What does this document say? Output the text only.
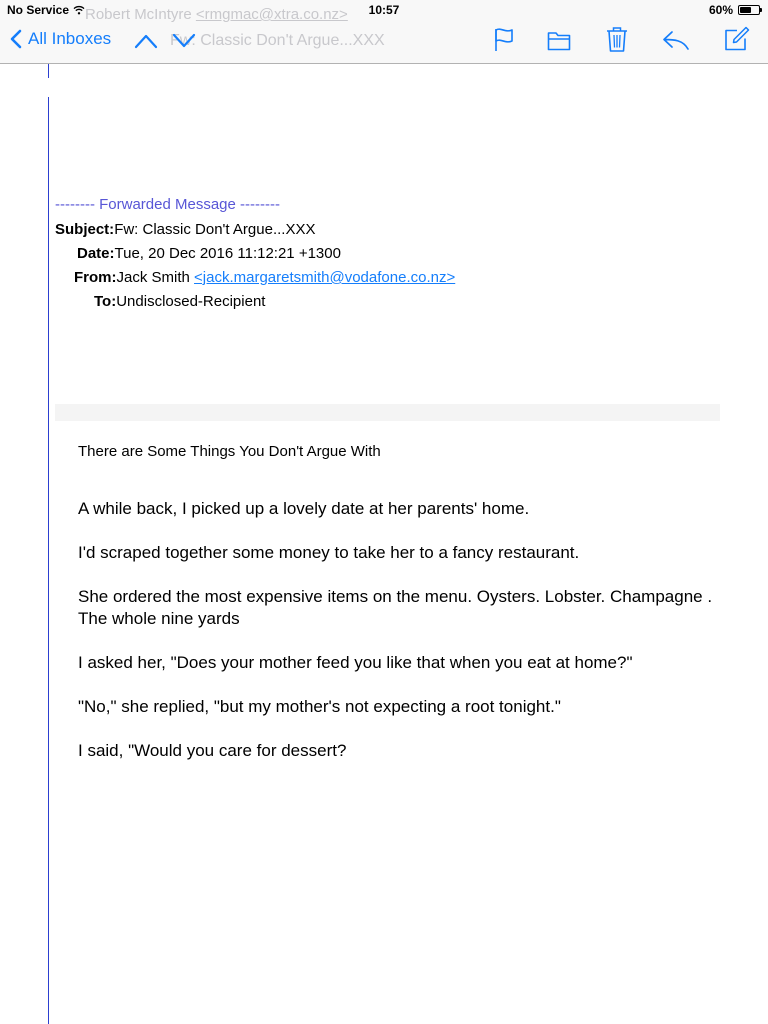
Robert McIntyre <rmgmac@xtra.co.nz>
Fw: Classic Don't Argue...XXX
All Inboxes
No Service	10:57	60%
-------- Forwarded Message --------
Subject:Fw: Classic Don't Argue...XXX
Date:Tue, 20 Dec 2016 11:12:21 +1300
From:Jack Smith <jack.margaretsmith@vodafone.co.nz>
To:Undisclosed-Recipient
There are Some Things You Don't Argue With
A while back, I picked up a lovely date at her parents' home.
I'd scraped together some money to take her to a fancy restaurant.
She ordered the most expensive items on the menu. Oysters. Lobster. Champagne . The whole nine yards
I asked her, "Does your mother feed you like that when you eat at home?"
"No," she replied, "but my mother's not expecting a root tonight."
I said, "Would you care for dessert?
